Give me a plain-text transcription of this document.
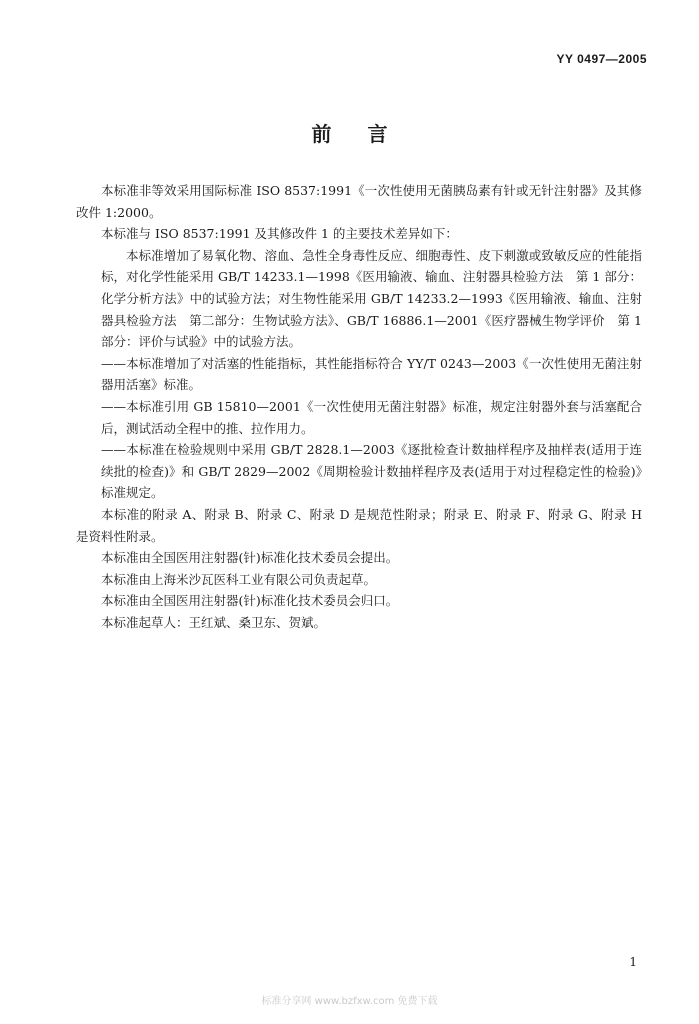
YY 0497—2005
前言

本标准非等效采用国际标准 ISO 8537:1991《一次性使用无菌胰岛素有针或无针注射器》及其修改件 1:2000。

本标准与 ISO 8537:1991 及其修改件 1 的主要技术差异如下：

本标准增加了易氧化物、溶血、急性全身毒性反应、细胞毒性、皮下刺激或致敏反应的性能指标，对化学性能采用 GB/T 14233.1—1998《医用输液、输血、注射器具检验方法　第 1 部分：化学分析方法》中的试验方法；对生物性能采用 GB/T 14233.2—1993《医用输液、输血、注射器具检验方法　第二部分：生物试验方法》、GB/T 16886.1—2001《医疗器械生物学评价　第 1 部分：评价与试验》中的试验方法。

——本标准增加了对活塞的性能指标，其性能指标符合 YY/T 0243—2003《一次性使用无菌注射器用活塞》标准。

——本标准引用 GB 15810—2001《一次性使用无菌注射器》标准，规定注射器外套与活塞配合后，测试活动全程中的推、拉作用力。

——本标准在检验规则中采用 GB/T 2828.1—2003《逐批检查计数抽样程序及抽样表(适用于连续批的检查)》和 GB/T 2829—2002《周期检验计数抽样程序及表(适用于对过程稳定性的检验)》标准规定。

本标准的附录 A、附录 B、附录 C、附录 D 是规范性附录；附录 E、附录 F、附录 G、附录 H 是资料性附录。

本标准由全国医用注射器(针)标准化技术委员会提出。

本标准由上海米沙瓦医科工业有限公司负责起草。

本标准由全国医用注射器(针)标准化技术委员会归口。

本标准起草人：王红斌、桑卫东、贺斌。

1
标准分享网 www.bzfxw.com 免费下载
